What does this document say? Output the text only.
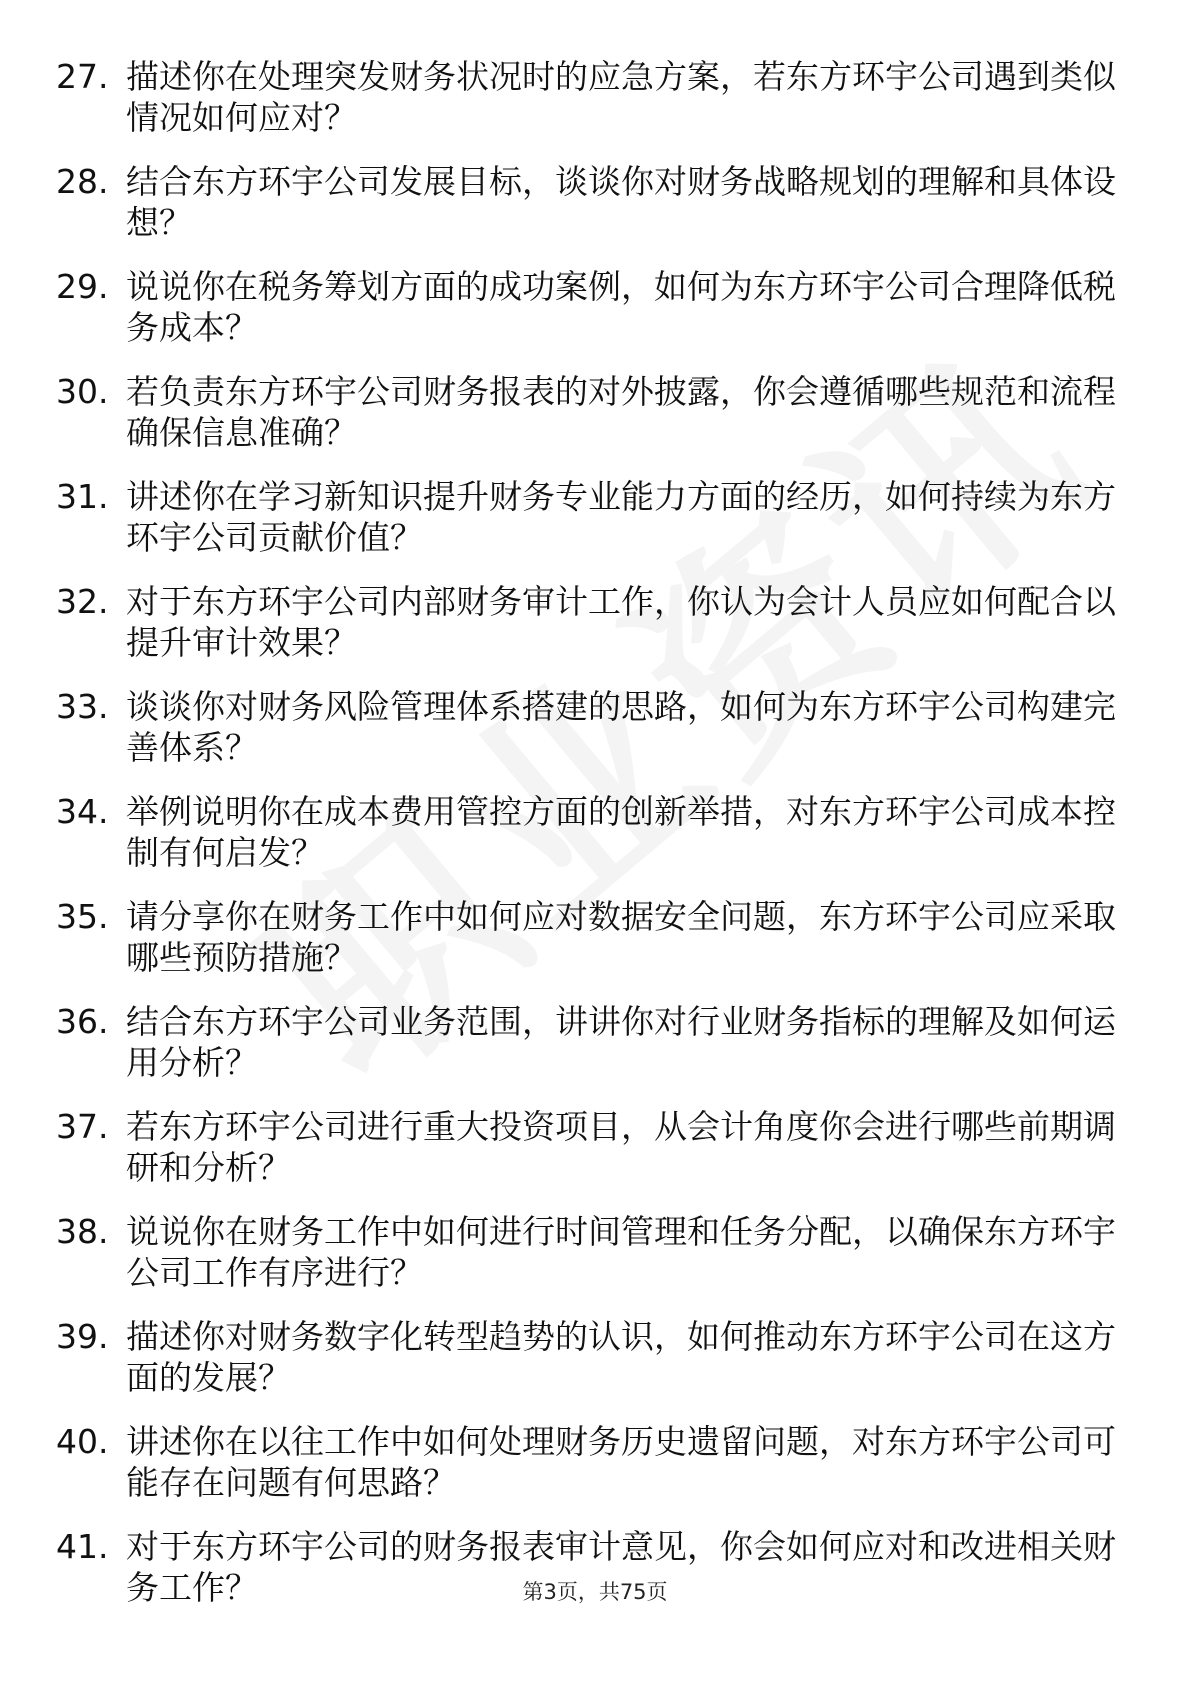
27. 描述你在处理突发财务状况时的应急方案，若东方环宇公司遇到类似情况如何应对？
28. 结合东方环宇公司发展目标，谈谈你对财务战略规划的理解和具体设想？
29. 说说你在税务筹划方面的成功案例，如何为东方环宇公司合理降低税务成本？
30. 若负责东方环宇公司财务报表的对外披露，你会遵循哪些规范和流程确保信息准确？
31. 讲述你在学习新知识提升财务专业能力方面的经历，如何持续为东方环宇公司贡献价值？
32. 对于东方环宇公司内部财务审计工作，你认为会计人员应如何配合以提升审计效果？
33. 谈谈你对财务风险管理体系搭建的思路，如何为东方环宇公司构建完善体系？
34. 举例说明你在成本费用管控方面的创新举措，对东方环宇公司成本控制有何启发？
35. 请分享你在财务工作中如何应对数据安全问题，东方环宇公司应采取哪些预防措施？
36. 结合东方环宇公司业务范围，讲讲你对行业财务指标的理解及如何运用分析？
37. 若东方环宇公司进行重大投资项目，从会计角度你会进行哪些前期调研和分析？
38. 说说你在财务工作中如何进行时间管理和任务分配，以确保东方环宇公司工作有序进行？
39. 描述你对财务数字化转型趋势的认识，如何推动东方环宇公司在这方面的发展？
40. 讲述你在以往工作中如何处理财务历史遗留问题，对东方环宇公司可能存在问题有何思路？
41. 对于东方环宇公司的财务报表审计意见，你会如何应对和改进相关财务工作？	第3页，共75页
